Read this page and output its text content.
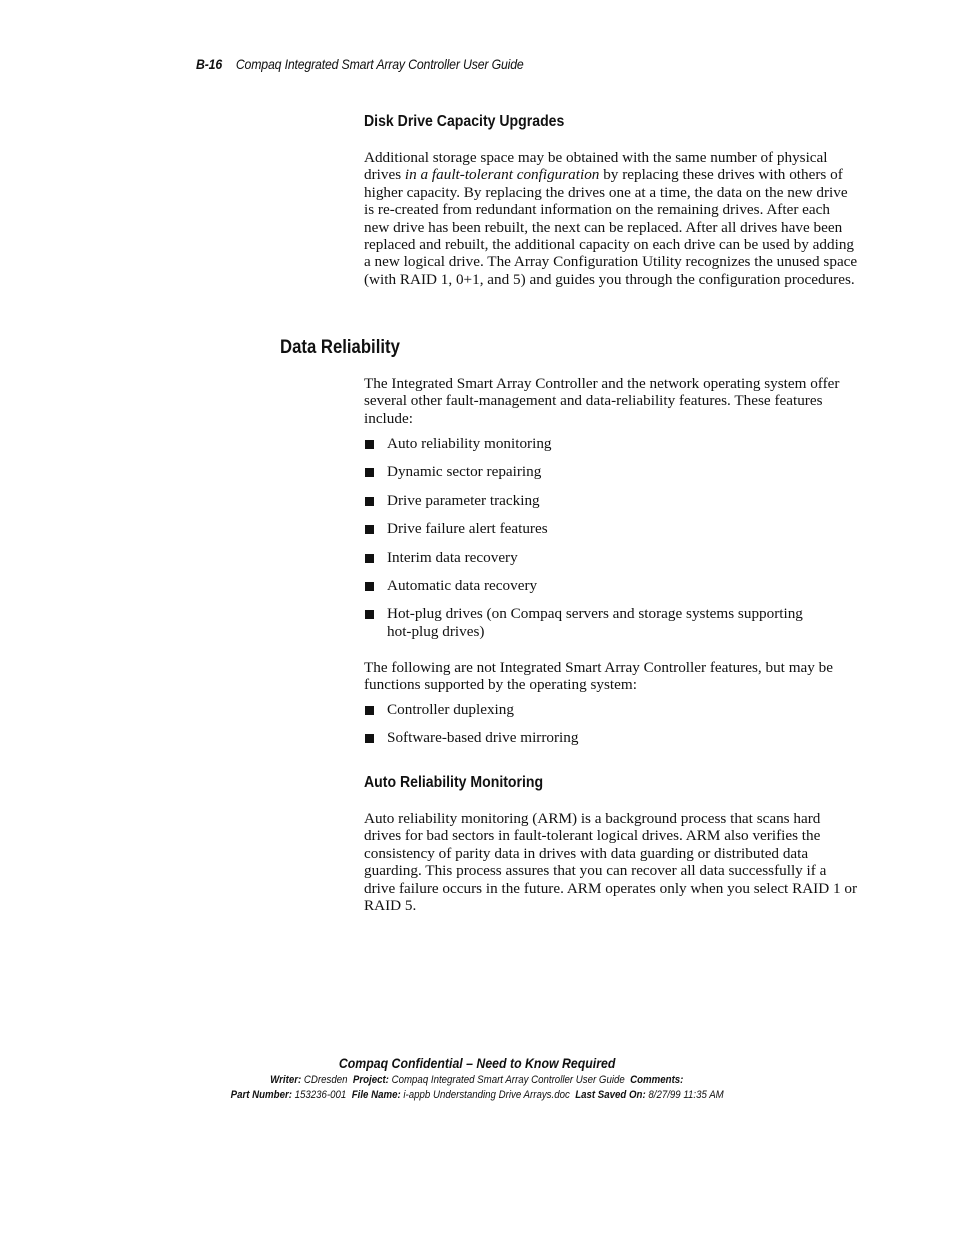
B-16 Compaq Integrated Smart Array Controller User Guide
Disk Drive Capacity Upgrades

Additional storage space may be obtained with the same number of physical drives in a fault-tolerant configuration by replacing these drives with others of higher capacity. By replacing the drives one at a time, the data on the new drive is re-created from redundant information on the remaining drives. After each new drive has been rebuilt, the next can be replaced. After all drives have been replaced and rebuilt, the additional capacity on each drive can be used by adding a new logical drive. The Array Configuration Utility recognizes the unused space (with RAID 1, 0+1, and 5) and guides you through the configuration procedures.

Data Reliability

The Integrated Smart Array Controller and the network operating system offer several other fault-management and data-reliability features. These features include:

Auto reliability monitoring
Dynamic sector repairing
Drive parameter tracking
Drive failure alert features
Interim data recovery
Automatic data recovery
Hot-plug drives (on Compaq servers and storage systems supporting hot-plug drives)

The following are not Integrated Smart Array Controller features, but may be functions supported by the operating system:

Controller duplexing
Software-based drive mirroring
Auto Reliability Monitoring

Auto reliability monitoring (ARM) is a background process that scans hard drives for bad sectors in fault-tolerant logical drives. ARM also verifies the consistency of parity data in drives with data guarding or distributed data guarding. This process assures that you can recover all data successfully if a drive failure occurs in the future. ARM operates only when you select RAID 1 or RAID 5.

Compaq Confidential – Need to Know Required
Writer: CDresden Project: Compaq Integrated Smart Array Controller User Guide Comments:
Part Number: 153236-001 File Name: i-appb Understanding Drive Arrays.doc Last Saved On: 8/27/99 11:35 AM
